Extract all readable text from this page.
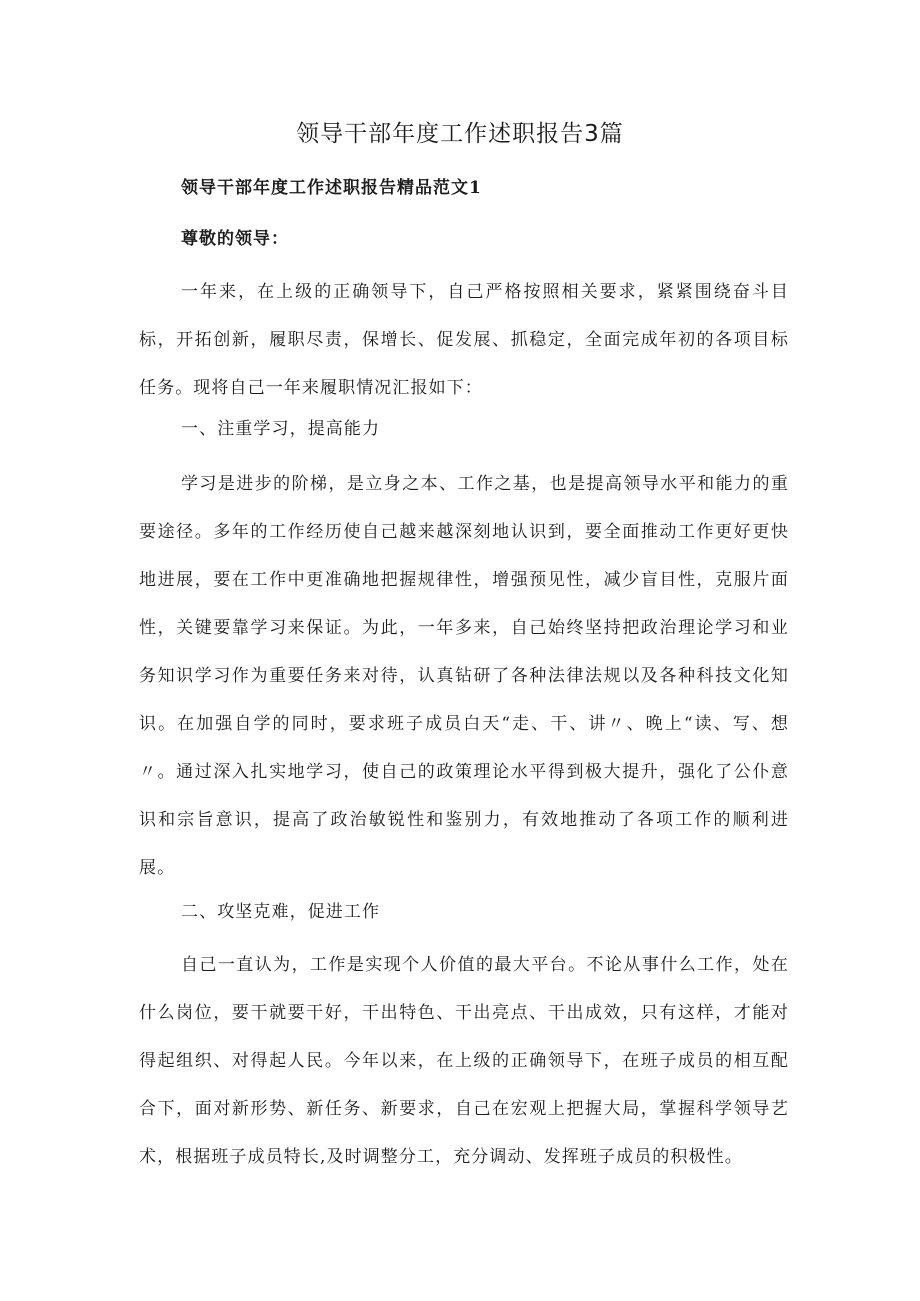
领导干部年度工作述职报告3篇

领导干部年度工作述职报告精品范文1

尊敬的领导：

一年来，在上级的正确领导下，自己严格按照相关要求，紧紧围绕奋斗目标，开拓创新，履职尽责，保增长、促发展、抓稳定，全面完成年初的各项目标任务。现将自己一年来履职情况汇报如下：

一、注重学习，提高能力

学习是进步的阶梯，是立身之本、工作之基，也是提高领导水平和能力的重要途径。多年的工作经历使自己越来越深刻地认识到，要全面推动工作更好更快地进展，要在工作中更准确地把握规律性，增强预见性，减少盲目性，克服片面性，关键要靠学习来保证。为此，一年多来，自己始终坚持把政治理论学习和业务知识学习作为重要任务来对待，认真钻研了各种法律法规以及各种科技文化知识。在加强自学的同时，要求班子成员白天“走、干、讲〃、晚上“读、写、想〃。通过深入扎实地学习，使自己的政策理论水平得到极大提升，强化了公仆意识和宗旨意识，提高了政治敏锐性和鉴别力，有效地推动了各项工作的顺利进展。

二、攻坚克难，促进工作

自己一直认为，工作是实现个人价值的最大平台。不论从事什么工作，处在什么岗位，要干就要干好，干出特色、干出亮点、干出成效，只有这样，才能对得起组织、对得起人民。今年以来，在上级的正确领导下，在班子成员的相互配合下，面对新形势、新任务、新要求，自己在宏观上把握大局，掌握科学领导艺术，根据班子成员特长,及时调整分工，充分调动、发挥班子成员的积极性。
